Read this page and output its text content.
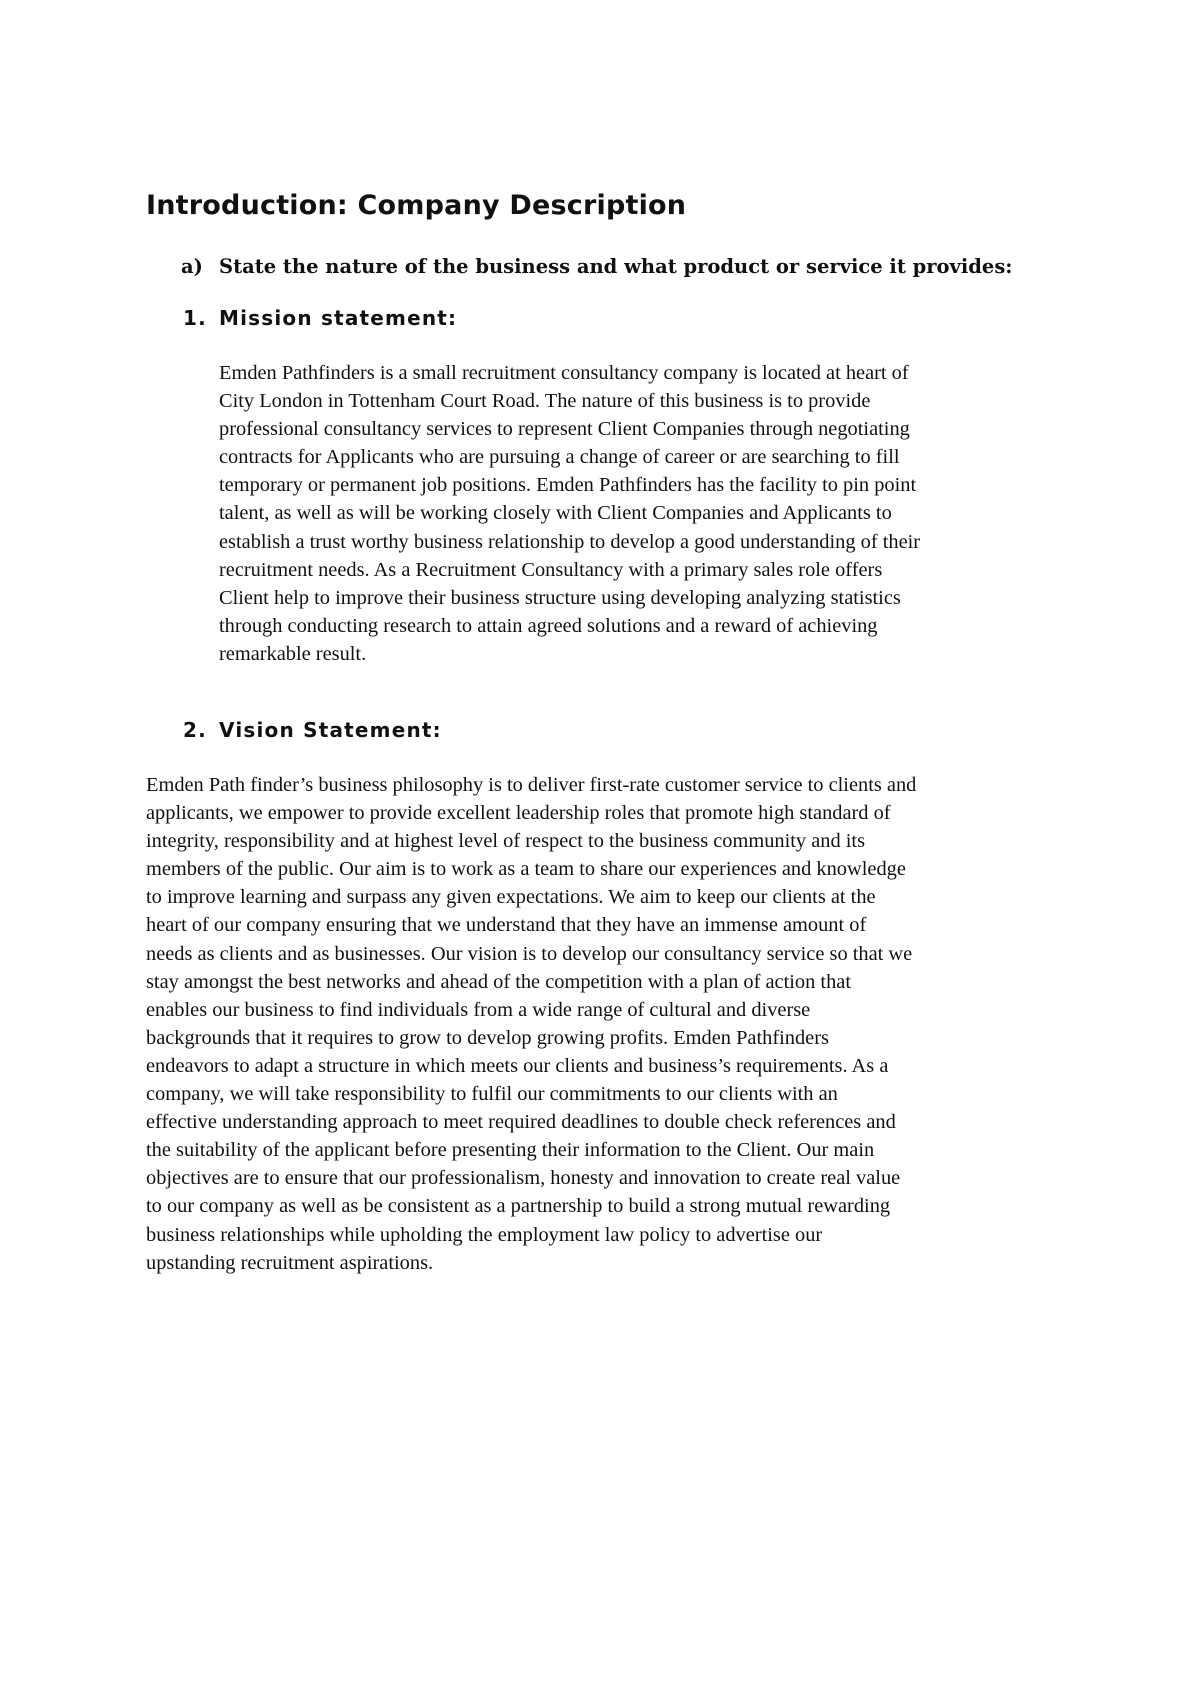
Introduction: Company Description

a) State the nature of the business and what product or service it provides:

1. Mission statement:
Emden Pathfinders is a small recruitment consultancy company is located at heart of
City London in Tottenham Court Road. The nature of this business is to provide
professional consultancy services to represent Client Companies through negotiating
contracts for Applicants who are pursuing a change of career or are searching to fill
temporary or permanent job positions. Emden Pathfinders has the facility to pin point
talent, as well as will be working closely with Client Companies and Applicants to
establish a trust worthy business relationship to develop a good understanding of their
recruitment needs. As a Recruitment Consultancy with a primary sales role offers
Client help to improve their business structure using developing analyzing statistics
through conducting research to attain agreed solutions and a reward of achieving
remarkable result.
2. Vision Statement:
Emden Path finder’s business philosophy is to deliver first-rate customer service to clients and
applicants, we empower to provide excellent leadership roles that promote high standard of
integrity, responsibility and at highest level of respect to the business community and its
members of the public. Our aim is to work as a team to share our experiences and knowledge
to improve learning and surpass any given expectations. We aim to keep our clients at the
heart of our company ensuring that we understand that they have an immense amount of
needs as clients and as businesses. Our vision is to develop our consultancy service so that we
stay amongst the best networks and ahead of the competition with a plan of action that
enables our business to find individuals from a wide range of cultural and diverse
backgrounds that it requires to grow to develop growing profits. Emden Pathfinders
endeavors to adapt a structure in which meets our clients and business’s requirements. As a
company, we will take responsibility to fulfil our commitments to our clients with an
effective understanding approach to meet required deadlines to double check references and
the suitability of the applicant before presenting their information to the Client. Our main
objectives are to ensure that our professionalism, honesty and innovation to create real value
to our company as well as be consistent as a partnership to build a strong mutual rewarding
business relationships while upholding the employment law policy to advertise our
upstanding recruitment aspirations.
